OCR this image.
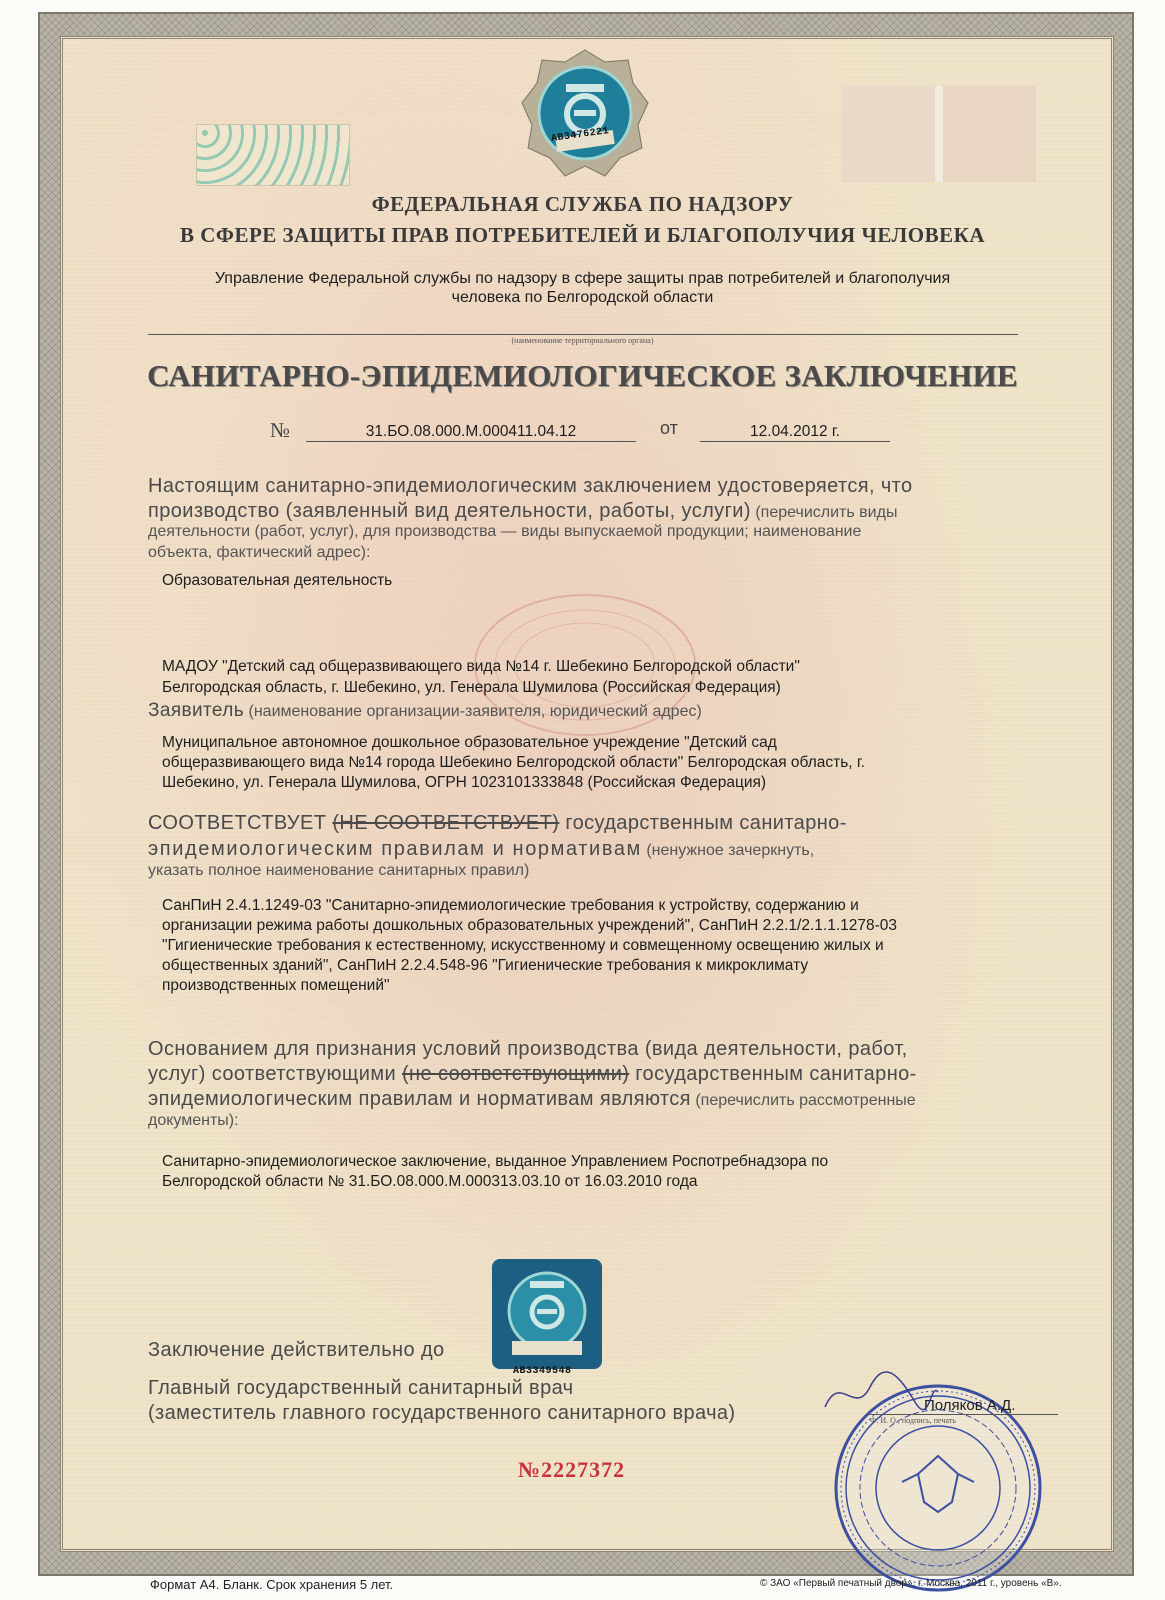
АВ3476221
ФЕДЕРАЛЬНАЯ СЛУЖБА ПО НАДЗОРУ
В СФЕРЕ ЗАЩИТЫ ПРАВ ПОТРЕБИТЕЛЕЙ И БЛАГОПОЛУЧИЯ ЧЕЛОВЕКА
Управление Федеральной службы по надзору в сфере защиты прав потребителей и благополучия
человека по Белгородской области
(наименование территориального органа)
САНИТАРНО-ЭПИДЕМИОЛОГИЧЕСКОЕ ЗАКЛЮЧЕНИЕ
№	31.БО.08.000.М.000411.04.12	от	12.04.2012 г.
Настоящим санитарно-эпидемиологическим заключением удостоверяется, что
производство (заявленный вид деятельности, работы, услуги) (перечислить виды
деятельности (работ, услуг), для производства — виды выпускаемой продукции; наименование
объекта, фактический адрес):
Образовательная деятельность
МАДОУ "Детский сад общеразвивающего вида №14 г. Шебекино Белгородской области"
Белгородская область, г. Шебекино, ул. Генерала Шумилова (Российская Федерация)
Заявитель (наименование организации-заявителя, юридический адрес)
Муниципальное автономное дошкольное образовательное учреждение "Детский сад
общеразвивающего вида №14 города Шебекино Белгородской области" Белгородская область, г.
Шебекино, ул. Генерала Шумилова, ОГРН 1023101333848 (Российская Федерация)
СООТВЕТСТВУЕТ (НЕ СООТВЕТСТВУЕТ) государственным санитарно-
эпидемиологическим правилам и нормативам (ненужное зачеркнуть,
указать полное наименование санитарных правил)
СанПиН 2.4.1.1249-03 "Санитарно-эпидемиологические требования к устройству, содержанию и
организации режима работы дошкольных образовательных учреждений", СанПиН 2.2.1/2.1.1.1278-03
"Гигиенические требования к естественному, искусственному и совмещенному освещению жилых и
общественных зданий", СанПиН 2.2.4.548-96 "Гигиенические требования к микроклимату
производственных помещений"
Основанием для признания условий производства (вида деятельности, работ,
услуг) соответствующими (не соответствующими) государственным санитарно-
эпидемиологическим правилам и нормативам являются (перечислить рассмотренные
документы):
Санитарно-эпидемиологическое заключение, выданное Управлением Роспотребнадзора по
Белгородской области № 31.БО.08.000.М.000313.03.10 от 16.03.2010 года
АВ3349548
Заключение действительно до
Главный государственный санитарный врач
(заместитель главного государственного санитарного врача)	Поляков А.Д.
Ф. И. О., подпись, печать
№2227372
Формат А4. Бланк. Срок хранения 5 лет.	© ЗАО «Первый печатный двор», г. Москва, 2011 г., уровень «В».
